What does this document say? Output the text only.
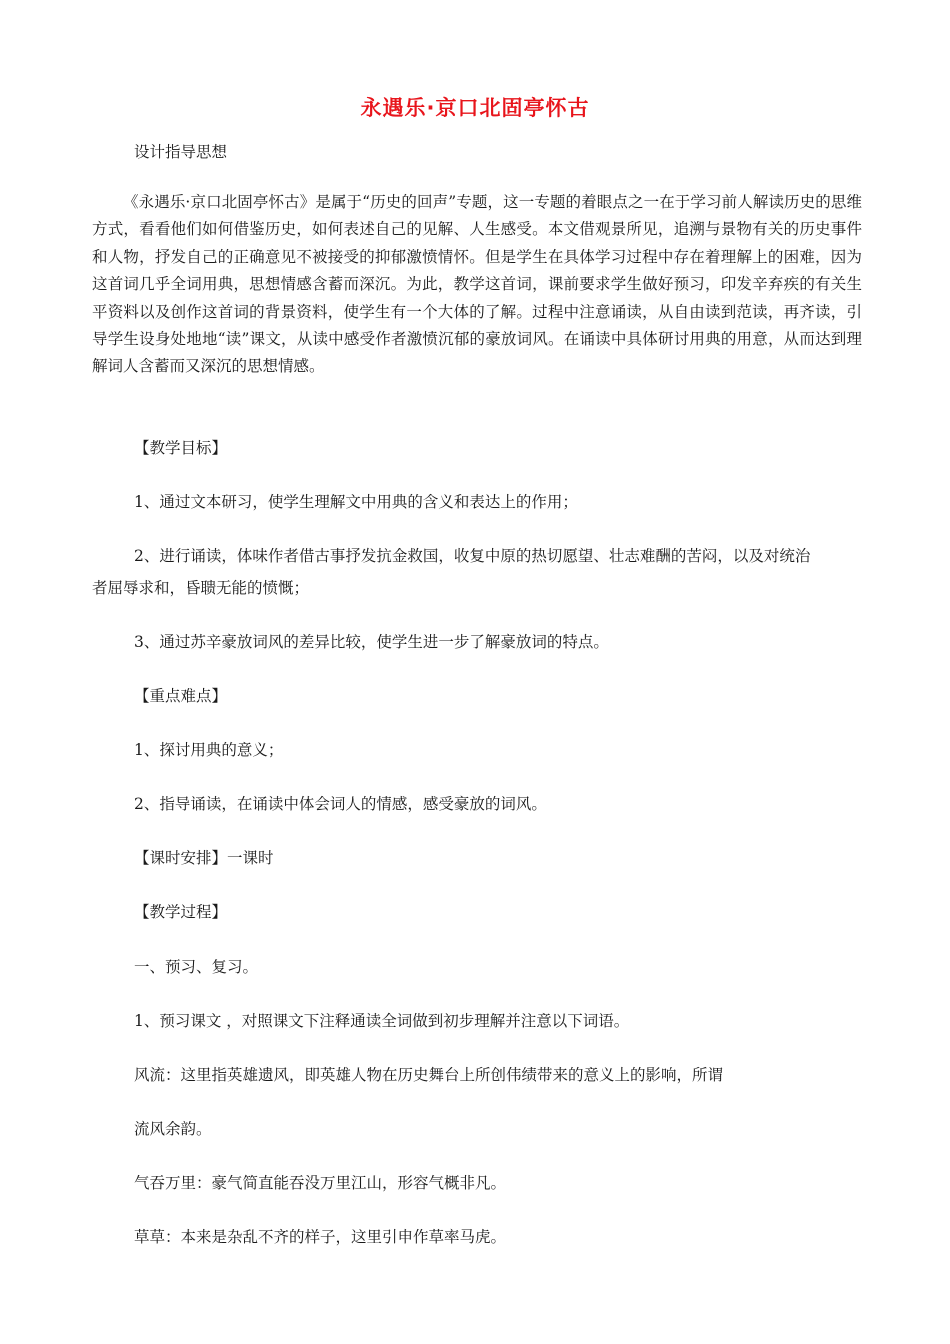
永遇乐·京口北固亭怀古
设计指导思想

《永遇乐·京口北固亭怀古》是属于“历史的回声”专题，这一专题的着眼点之一在于学习前人解读历史的思维方式，看看他们如何借鉴历史，如何表述自己的见解、人生感受。本文借观景所见，追溯与景物有关的历史事件和人物，抒发自己的正确意见不被接受的抑郁激愤情怀。但是学生在具体学习过程中存在着理解上的困难，因为这首词几乎全词用典，思想情感含蓄而深沉。为此，教学这首词，课前要求学生做好预习，印发辛弃疾的有关生平资料以及创作这首词的背景资料，使学生有一个大体的了解。过程中注意诵读，从自由读到范读，再齐读，引导学生设身处地地“读”课文，从读中感受作者激愤沉郁的豪放词风。在诵读中具体研讨用典的用意，从而达到理解词人含蓄而又深沉的思想情感。

【教学目标】
1、通过文本研习，使学生理解文中用典的含义和表达上的作用；
2、进行诵读，体味作者借古事抒发抗金救国，收复中原的热切愿望、壮志难酬的苦闷，以及对统治
者屈辱求和，昏聩无能的愤慨；
3、通过苏辛豪放词风的差异比较，使学生进一步了解豪放词的特点。
【重点难点】
1、探讨用典的意义；
2、指导诵读，在诵读中体会词人的情感，感受豪放的词风。
【课时安排】一课时
【教学过程】
一、预习、复习。
1、预习课文 ，对照课文下注释通读全词做到初步理解并注意以下词语。
风流：这里指英雄遗风，即英雄人物在历史舞台上所创伟绩带来的意义上的影响，所谓
流风余韵。
气吞万里：豪气简直能吞没万里江山，形容气概非凡。
草草：本来是杂乱不齐的样子，这里引申作草率马虎。
